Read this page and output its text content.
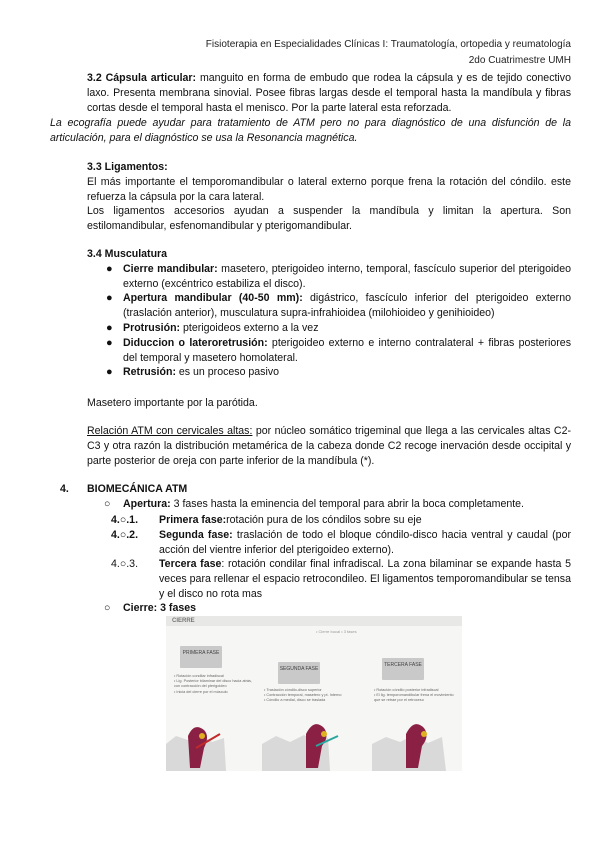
Fisioterapia en Especialidades Clínicas I: Traumatología, ortopedia y reumatología
2do Cuatrimestre UMH

3.2 Cápsula articular: manguito en forma de embudo que rodea la cápsula y es de tejido conectivo laxo. Presenta membrana sinovial. Posee fibras largas desde el temporal hasta la mandíbula y fibras cortas desde el temporal hasta el menisco. Por la parte lateral esta reforzada.

La ecografía puede ayudar para tratamiento de ATM pero no para diagnóstico de una disfunción de la articulación, para el diagnóstico se usa la Resonancia magnética.

3.3 Ligamentos:

El más importante el temporomandibular o lateral externo porque frena la rotación del cóndilo. este refuerza la cápsula por la cara lateral.

Los ligamentos accesorios ayudan a suspender la mandíbula y limitan la apertura. Son estilomandibular, esfenomandibular y pterigomandibular.

3.4 Musculatura

● Cierre mandibular: masetero, pterigoideo interno, temporal, fascículo superior del pterigoideo externo (excéntrico estabiliza el disco).

● Apertura mandibular (40-50 mm): digástrico, fascículo inferior del pterigoideo externo (traslación anterior), musculatura supra-infrahioidea (milohioideo y genihioideo)

● Protrusión: pterigoideos externo a la vez

● Diduccion o lateroretrusión: pterigoideo externo e interno contralateral + fibras posteriores del temporal y masetero homolateral.

● Retrusión: es un proceso pasivo

Masetero importante por la parótida.

Relación ATM con cervicales altas: por núcleo somático trigeminal que llega a las cervicales altas C2-C3 y otra razón la distribución metamérica de la cabeza donde C2 recoge inervación desde occipital y parte posterior de oreja con parte inferior de la mandíbula (*).

4. BIOMECÁNICA ATM
○ Apertura: 3 fases hasta la eminencia del temporal para abrir la boca completamente.

4.○.1. Primera fase:rotación pura de los cóndilos sobre su eje

4.○.2. Segunda fase: traslación de todo el bloque cóndilo-disco hacia ventral y caudal (por acción del vientre inferior del pterigoideo externo).

4.○.3. Tercera fase: rotación condilar final infradiscal. La zona bilaminar se expande hasta 5 veces para rellenar el espacio retrocondileo. El ligamentos temporomandibular se tensa y el disco no rota mas

○ Cierre: 3 fases
CIERRE
• Cierre bucal • 3 fases
PRIMERA FASE
• Rotación condilar infradiscal
• Lig. Posterior bilaminar del disco hacia atrás, con contracción del pterigoideo
• Inicia del cierre por el músculo
SEGUNDA FASE
• Traslación cóndilo-disco superior
• Contracción temporal, masetero y pt. Interno
• Cóndilo a medial, disco se traslada
TERCERA FASE
• Rotación cóndilo posterior infradiscal
• El lig. temporomandibular frena el movimiento que se retrae por el retroceso
